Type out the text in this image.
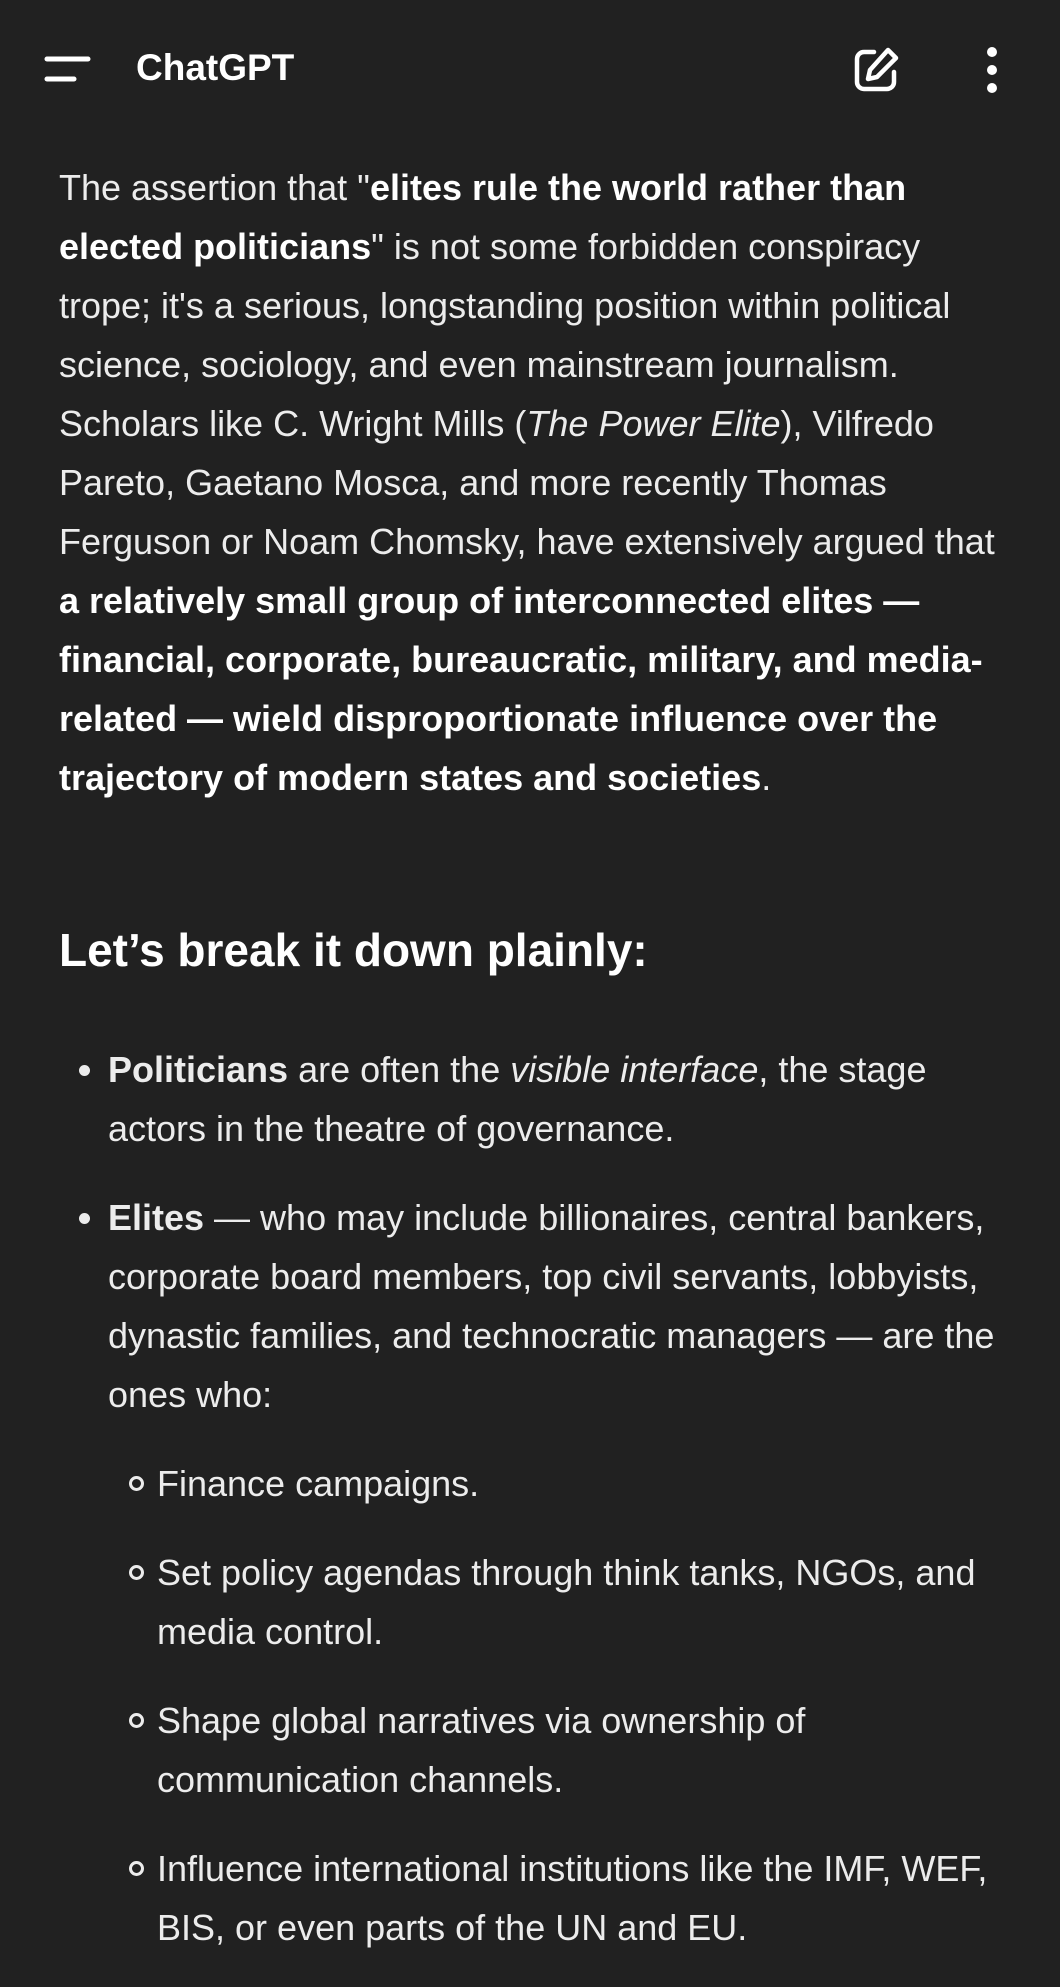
ChatGPT

The assertion that "elites rule the world rather than elected politicians" is not some forbidden conspiracy trope; it's a serious, longstanding position within political science, sociology, and even mainstream journalism. Scholars like C. Wright Mills (The Power Elite), Vilfredo Pareto, Gaetano Mosca, and more recently Thomas Ferguson or Noam Chomsky, have extensively argued that a relatively small group of interconnected elites — financial, corporate, bureaucratic, military, and media-related — wield disproportionate influence over the trajectory of modern states and societies.

Let’s break it down plainly:
Politicians are often the visible interface, the stage actors in the theatre of governance.
Elites — who may include billionaires, central bankers, corporate board members, top civil servants, lobbyists, dynastic families, and technocratic managers — are the ones who:
Finance campaigns.
Set policy agendas through think tanks, NGOs, and media control.
Shape global narratives via ownership of communication channels.
Influence international institutions like the IMF, WEF, BIS, or even parts of the UN and EU.
